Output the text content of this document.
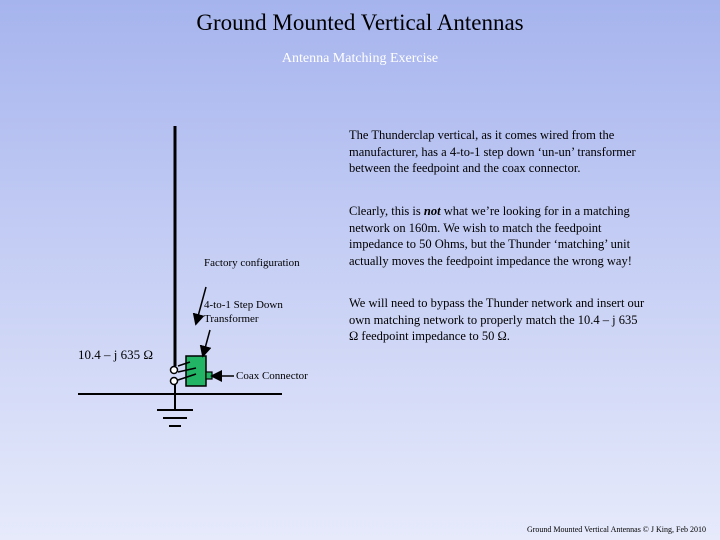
Ground Mounted Vertical Antennas
Antenna Matching Exercise
The Thunderclap vertical, as it comes wired from the manufacturer, has a 4-to-1 step down ‘un-un’ transformer between the feedpoint and the coax connector.
Clearly, this is not what we’re looking for in a matching network on 160m. We wish to match the feedpoint impedance to 50 Ohms, but the Thunder ‘matching’ unit actually moves the feedpoint impedance the wrong way!
We will need to bypass the Thunder network and insert our own matching network to properly match the 10.4 – j 635 Ω feedpoint impedance to 50 Ω.
Factory configuration
4-to-1 Step Down Transformer
10.4 – j 635 Ω
Coax Connector
Ground Mounted Vertical Antennas © J King, Feb 2010
